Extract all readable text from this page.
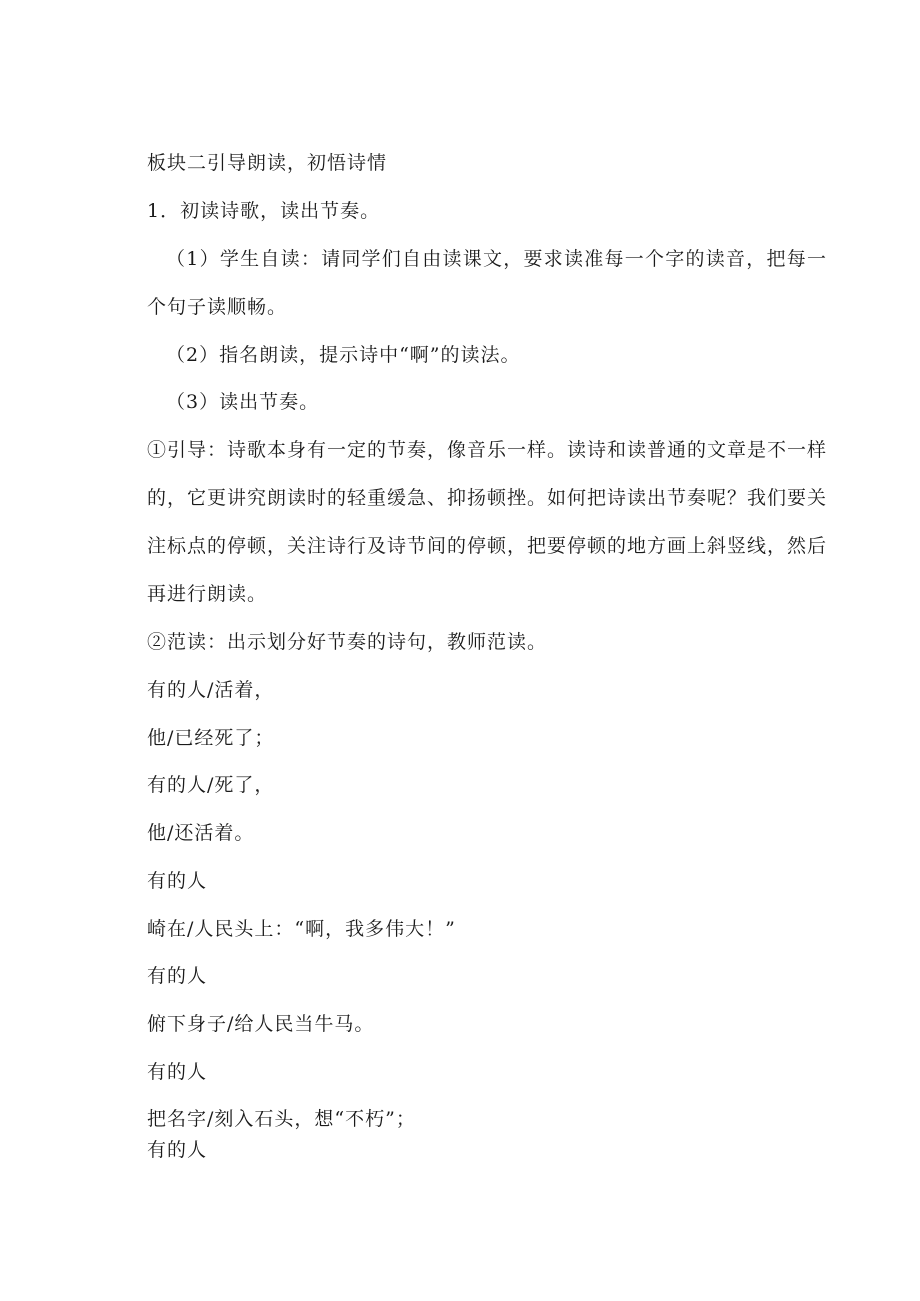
板块二引导朗读，初悟诗情
1．初读诗歌，读出节奏。
（1）学生自读：请同学们自由读课文，要求读准每一个字的读音，把每一个句子读顺畅。
（2）指名朗读，提示诗中“啊”的读法。
（3）读出节奏。
①引导：诗歌本身有一定的节奏，像音乐一样。读诗和读普通的文章是不一样的，它更讲究朗读时的轻重缓急、抑扬顿挫。如何把诗读出节奏呢？我们要关注标点的停顿，关注诗行及诗节间的停顿，把要停顿的地方画上斜竖线，然后再进行朗读。
②范读：出示划分好节奏的诗句，教师范读。
有的人/活着，
他/已经死了；
有的人/死了，
他/还活着。
有的人
崎在/人民头上：“啊，我多伟大！”
有的人
俯下身子/给人民当牛马。
有的人
把名字/刻入石头，想“不朽”；
有的人
